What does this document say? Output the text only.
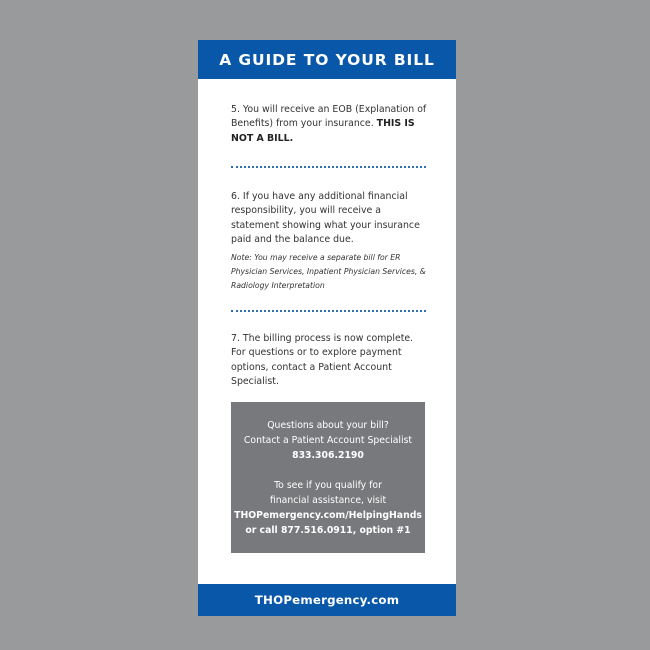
A GUIDE TO YOUR BILL
5. You will receive an EOB (Explanation of Benefits) from your insurance. THIS IS NOT A BILL.
6. If you have any additional financial responsibility, you will receive a statement showing what your insurance paid and the balance due.
Note: You may receive a separate bill for ER Physician Services, Inpatient Physician Services, & Radiology Interpretation
7. The billing process is now complete. For questions or to explore payment options, contact a Patient Account Specialist.
Questions about your bill?
Contact a Patient Account Specialist
833.306.2190
To see if you qualify for
financial assistance, visit
THOPemergency.com/HelpingHands
or call 877.516.0911, option #1
THOPemergency.com
